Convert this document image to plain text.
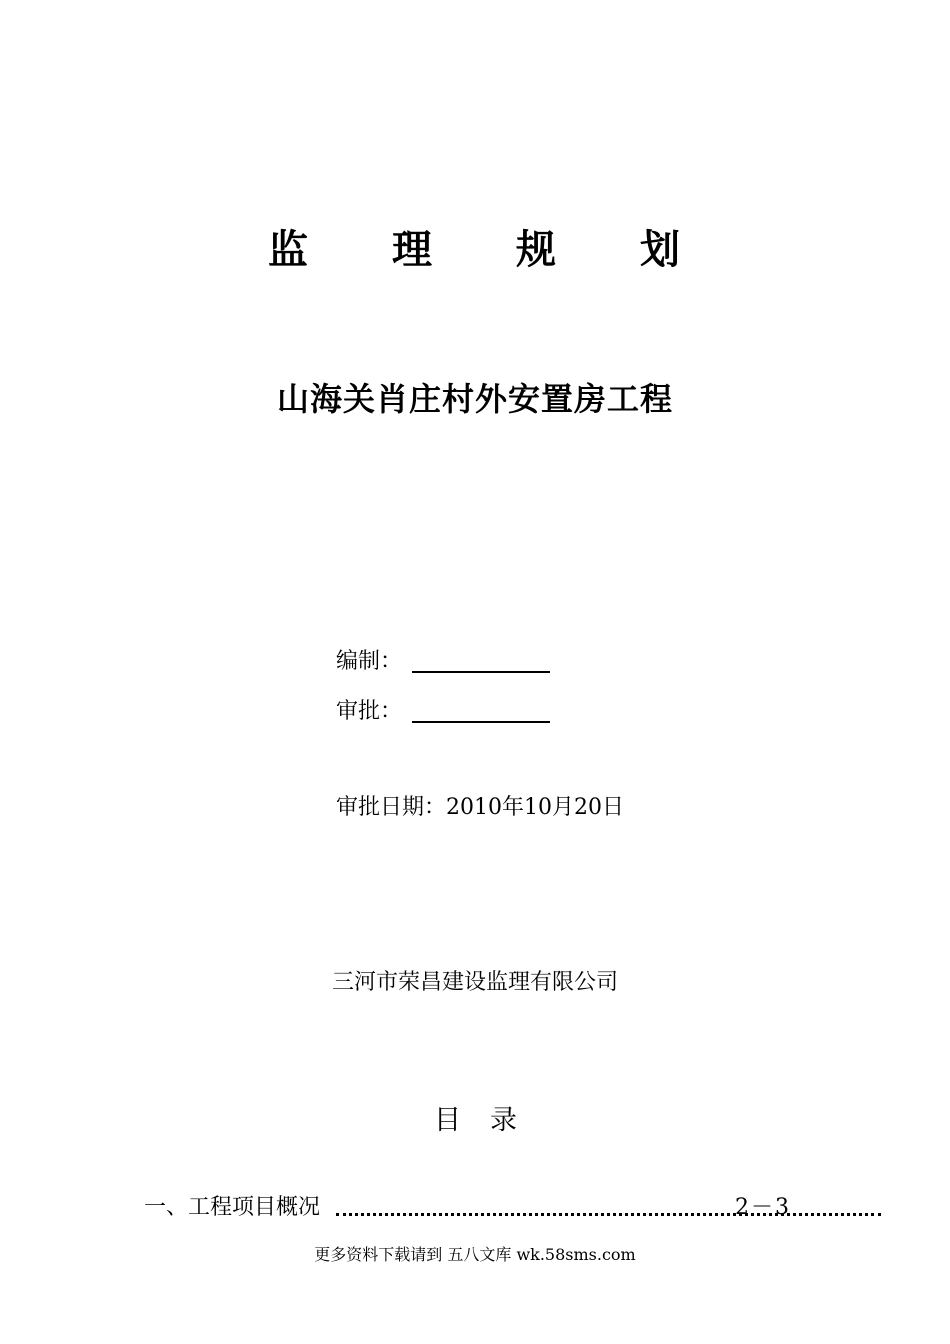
监 理 规 划
山海关肖庄村外安置房工程
编制：
审批：
审批日期：2010年10月20日
三河市荣昌建设监理有限公司
目 录
一、工程项目概况	2－3
更多资料下载请到 五八文库 wk.58sms.com
